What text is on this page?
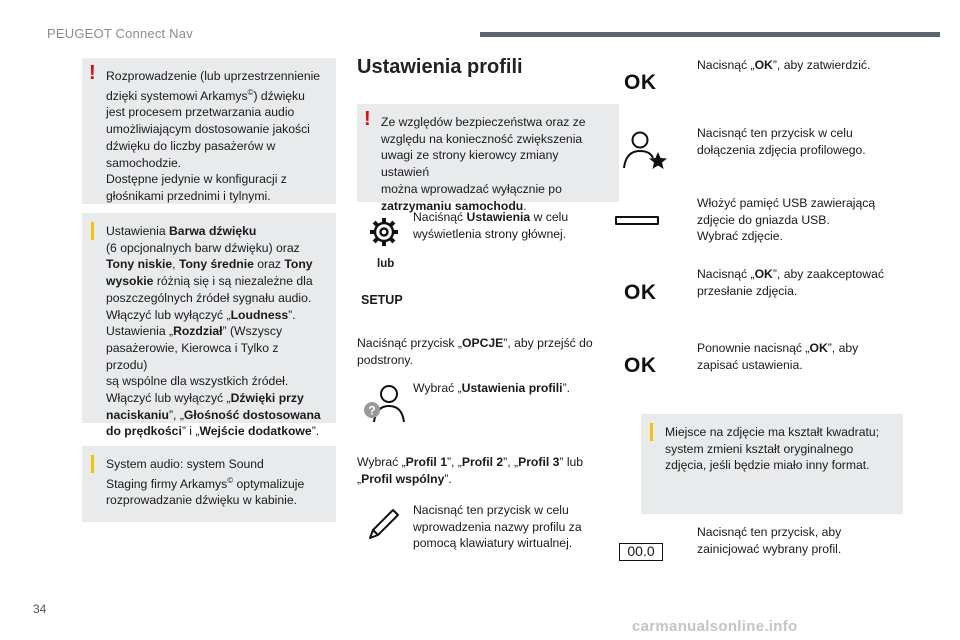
PEUGEOT Connect Nav
34
carmanualsonline.info
! Rozprowadzenie (lub uprzestrzennienie

dzięki systemowi Arkamys©) dźwięku

jest procesem przetwarzania audio

umożliwiającym dostosowanie jakości

dźwięku do liczby pasażerów w

samochodzie.

Dostępne jedynie w konfiguracji z

głośnikami przednimi i tylnymi.

Ustawienia Barwa dźwięku

(6 opcjonalnych barw dźwięku) oraz

Tony niskie, Tony średnie oraz Tony

wysokie różnią się i są niezależne dla

poszczególnych źródeł sygnału audio.

Włączyć lub wyłączyć „Loudness”.

Ustawienia „Rozdział” (Wszyscy

pasażerowie, Kierowca i Tylko z przodu)

są wspólne dla wszystkich źródeł.

Włączyć lub wyłączyć „Dźwięki przy

naciskaniu”, „Głośność dostosowana

do prędkości” i „Wejście dodatkowe”.

System audio: system Sound

Staging firmy Arkamys© optymalizuje

rozprowadzanie dźwięku w kabinie.

Ustawienia profili
! Ze względów bezpieczeństwa oraz ze

względu na konieczność zwiększenia

uwagi ze strony kierowcy zmiany ustawień

można wprowadzać wyłącznie po

zatrzymaniu samochodu.

Naciśnąć Ustawienia w celu

wyświetlenia strony głównej.

lub
SETUP

Naciśnąć przycisk „OPCJE”, aby przejść do

podstrony.

?

Wybrać „Ustawienia profili”.

Wybrać „Profil 1”, „Profil 2”, „Profil 3” lub

„Profil wspólny”.

Nacisnąć ten przycisk w celu

wprowadzenia nazwy profilu za

pomocą klawiatury wirtualnej.

OK

Nacisnąć „OK”, aby zatwierdzić.

Nacisnąć ten przycisk w celu

dołączenia zdjęcia profilowego.

Włożyć pamięć USB zawierającą

zdjęcie do gniazda USB.

Wybrać zdjęcie.

OK

Nacisnąć „OK”, aby zaakceptować

przesłanie zdjęcia.

OK

Ponownie nacisnąć „OK”, aby

zapisać ustawienia.

Miejsce na zdjęcie ma kształt kwadratu;

system zmieni kształt oryginalnego

zdjęcia, jeśli będzie miało inny format.

00.0

Nacisnąć ten przycisk, aby

zainicjować wybrany profil.
